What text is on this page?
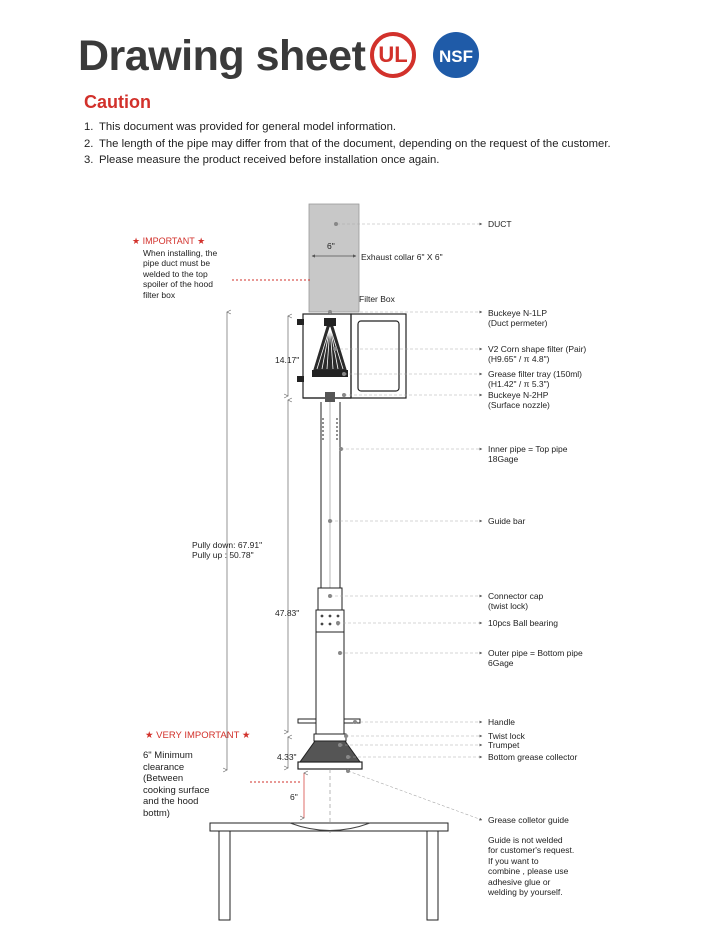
Drawing sheet UL NSF
Caution
1. This document was provided for general model information.
2. The length of the pipe may differ from that of the document, depending on the request of the customer.
3. Please measure the product received before installation once again.
★ IMPORTANT ★
When installing, the
pipe duct must be
welded to the top
spoiler of the hood
filter box
★ VERY IMPORTANT ★
6" Minimum
clearance
(Between
cooking surface
and the hood
bottm)
6"
14.17"
Pully down: 67.91"
Pully up : 50.78"
47.83"
4.33"
6"
Exhaust collar 6" X 6"
Filter Box
DUCT
Buckeye N-1LP
(Duct permeter)
V2 Corn shape filter (Pair)
(H9.65" / π 4.8")
Grease filter tray (150ml)
(H1.42" / π 5.3")
Buckeye N-2HP
(Surface nozzle)
Inner pipe = Top pipe
18Gage
Guide bar
Connector cap
(twist lock)
10pcs Ball bearing
Outer pipe = Bottom pipe
6Gage
Handle
Twist lock
Trumpet
Bottom grease collector
Grease colletor guide
Guide is not welded
for customer's request.
If you want to
combine , please use
adhesive glue or
welding by yourself.
